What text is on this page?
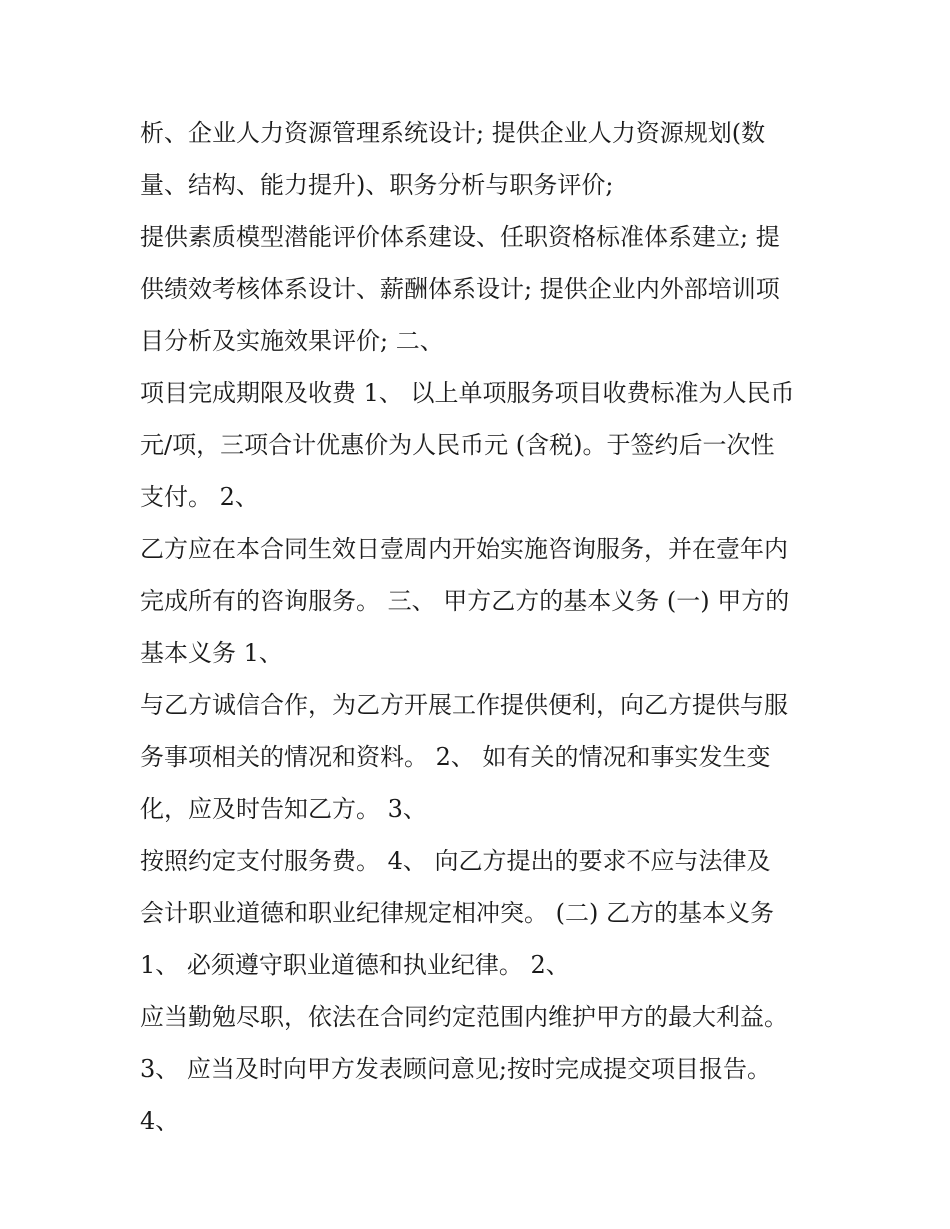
析、企业人力资源管理系统设计; 提供企业人力资源规划(数
量、结构、能力提升)、职务分析与职务评价;
提供素质模型潜能评价体系建设、任职资格标准体系建立; 提
供绩效考核体系设计、薪酬体系设计; 提供企业内外部培训项
目分析及实施效果评价; 二、
项目完成期限及收费 1、 以上单项服务项目收费标准为人民币
元/项，三项合计优惠价为人民币元 (含税)。于签约后一次性
支付。 2、
乙方应在本合同生效日壹周内开始实施咨询服务，并在壹年内
完成所有的咨询服务。 三、 甲方乙方的基本义务 (一) 甲方的
基本义务 1、
与乙方诚信合作，为乙方开展工作提供便利，向乙方提供与服
务事项相关的情况和资料。 2、 如有关的情况和事实发生变
化，应及时告知乙方。 3、
按照约定支付服务费。 4、 向乙方提出的要求不应与法律及
会计职业道德和职业纪律规定相冲突。 (二) 乙方的基本义务
1、 必须遵守职业道德和执业纪律。 2、
应当勤勉尽职，依法在合同约定范围内维护甲方的最大利益。
3、 应当及时向甲方发表顾问意见;按时完成提交项目报告。
4、
